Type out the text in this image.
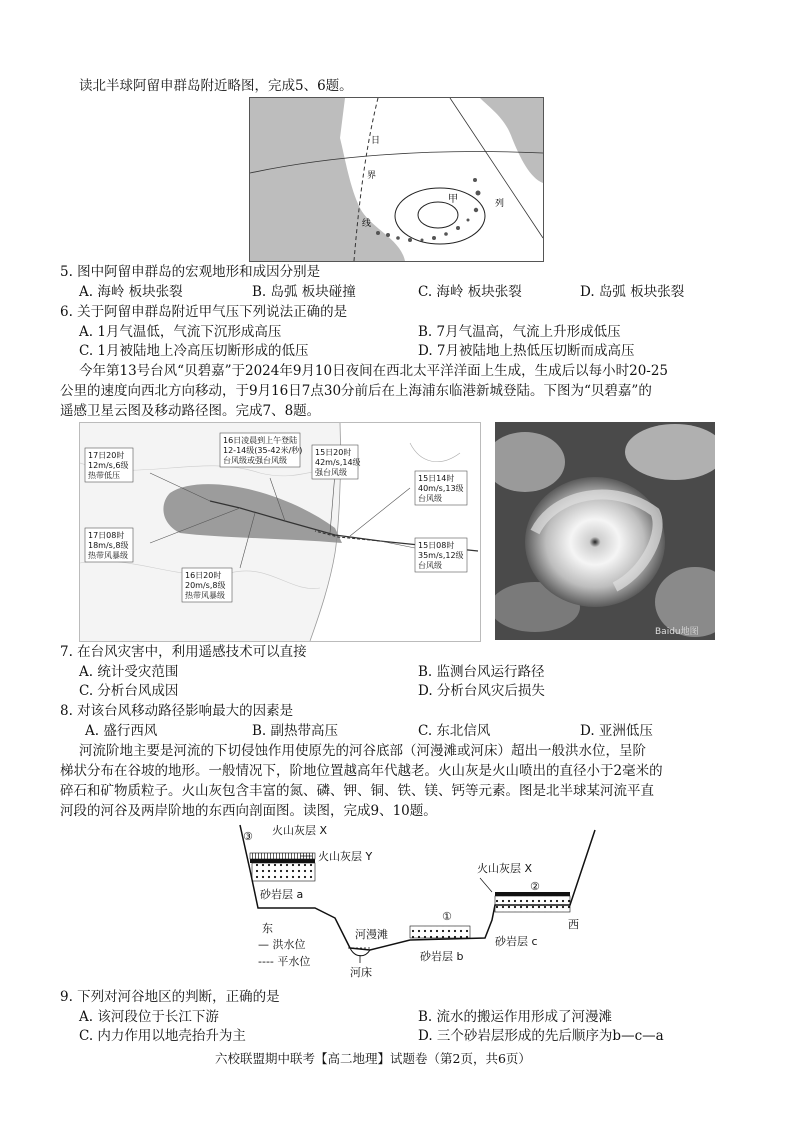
读北半球阿留申群岛附近略图，完成5、6题。
日
界
线
甲	列
5. 图中阿留申群岛的宏观地形和成因分别是
A. 海岭 板块张裂	B. 岛弧 板块碰撞	C. 海岭 板块张裂	D. 岛弧 板块张裂
6. 关于阿留申群岛附近甲气压下列说法正确的是
A. 1月气温低，气流下沉形成高压	B. 7月气温高，气流上升形成低压
C. 1月被陆地上冷高压切断形成的低压	D. 7月被陆地上热低压切断而成高压
今年第13号台风“贝碧嘉”于2024年9月10日夜间在西北太平洋洋面上生成，生成后以每小时20-25
公里的速度向西北方向移动，于9月16日7点30分前后在上海浦东临港新城登陆。下图为“贝碧嘉”的
遥感卫星云图及移动路径图。完成7、8题。
17日20时
12m/s,6级
热带低压
16日凌晨到上午登陆
12-14级(35-42米/秒)
台风级或强台风级
15日20时
42m/s,14级
强台风级
15日14时
40m/s,13级
台风级
17日08时
18m/s,8级
热带风暴级
16日20时
20m/s,8级
热带风暴级
15日08时
35m/s,12级
台风级
Baidu地图
7. 在台风灾害中，利用遥感技术可以直接
A. 统计受灾范围	B. 监测台风运行路径
C. 分析台风成因	D. 分析台风灾后损失
8. 对该台风移动路径影响最大的因素是
A. 盛行西风	B. 副热带高压	C. 东北信风	D. 亚洲低压
河流阶地主要是河流的下切侵蚀作用使原先的河谷底部（河漫滩或河床）超出一般洪水位，呈阶
梯状分布在谷坡的地形。一般情况下，阶地位置越高年代越老。火山灰是火山喷出的直径小于2毫米的
碎石和矿物质粒子。火山灰包含丰富的氮、磷、钾、铜、铁、镁、钙等元素。图是北半球某河流平直
河段的河谷及两岸阶地的东西向剖面图。读图，完成9、10题。
③ 火山灰层 X
火山灰层 Y
砂岩层 a
东
— 洪水位
---- 平水位
河漫滩
河床
①
砂岩层 b
火山灰层 X
②
砂岩层 c
西
9. 下列对河谷地区的判断，正确的是
A. 该河段位于长江下游	B. 流水的搬运作用形成了河漫滩
C. 内力作用以地壳抬升为主	D. 三个砂岩层形成的先后顺序为b—c—a
六校联盟期中联考【高二地理】试题卷（第2页，共6页）
